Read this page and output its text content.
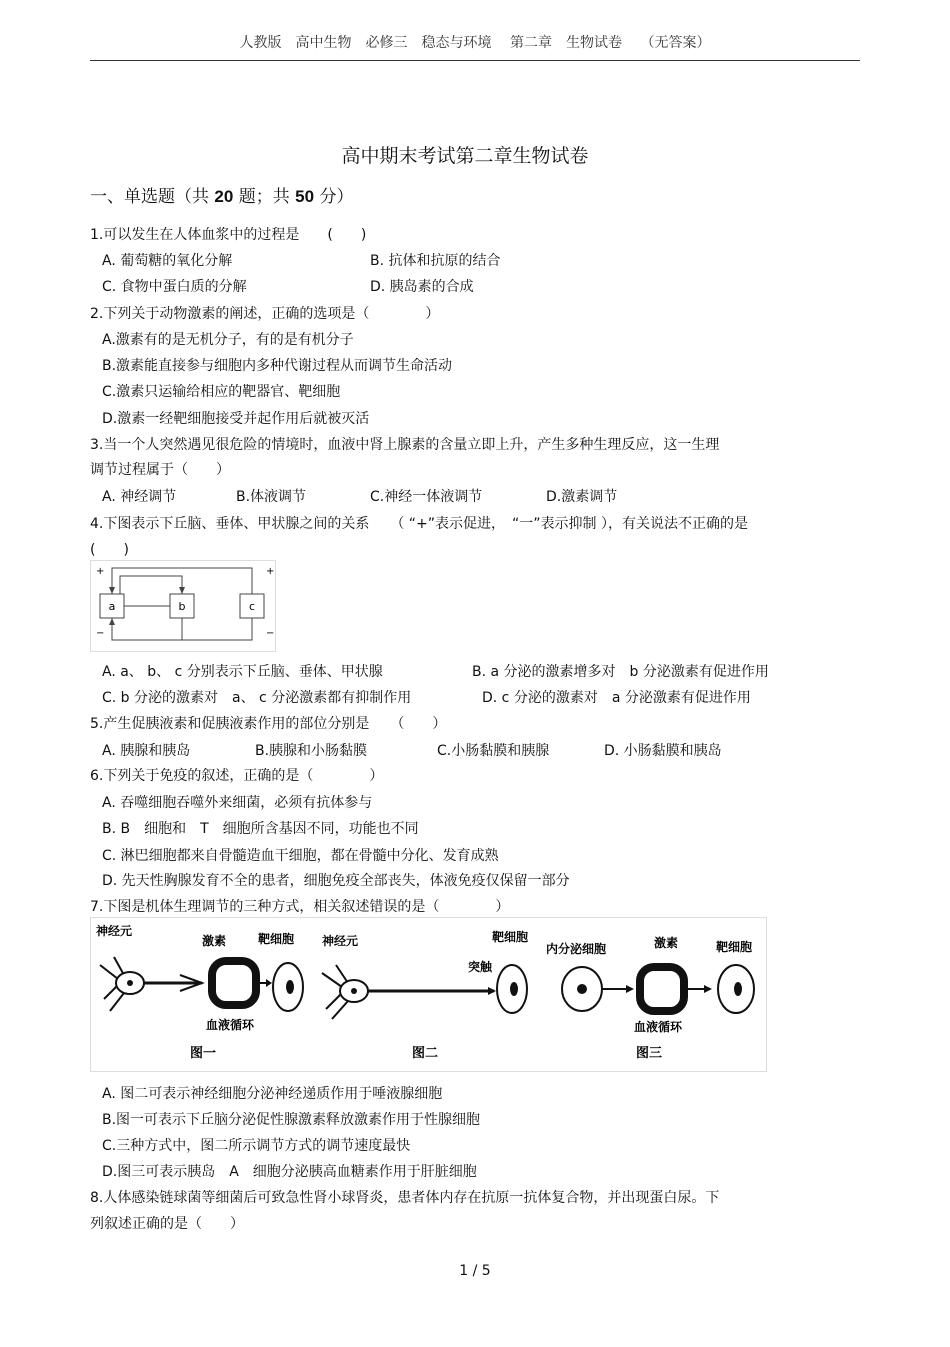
人教版　高中生物　必修三　稳态与环境　 第二章　生物试卷　 （无答案）
高中期末考试第二章生物试卷
一、单选题（共 20 题；共 50 分）
1.可以发生在人体血浆中的过程是　　(　　)
A. 葡萄糖的氧化分解	B. 抗体和抗原的结合
C. 食物中蛋白质的分解	D. 胰岛素的合成
2.下列关于动物激素的阐述，正确的选项是（　　　　）
A.激素有的是无机分子，有的是有机分子
B.激素能直接参与细胞内多种代谢过程从而调节生命活动
C.激素只运输给相应的靶器官、靶细胞
D.激素一经靶细胞接受并起作用后就被灭活
3.当一个人突然遇见很危险的情境时，血液中肾上腺素的含量立即上升，产生多种生理反应，这一生理
调节过程属于（　　）
A. 神经调节	B.体液调节	C.神经一体液调节	D.激素调节
4.下图表示下丘脑、垂体、甲状腺之间的关系　　（ “+”表示促进，　“一”表示抑制 ），有关说法不正确的是
(　　)
a	b	c
+	+
−	−
A. a、 b、 c 分别表示下丘脑、垂体、甲状腺	B. a 分泌的激素增多对　b 分泌激素有促进作用
C. b 分泌的激素对　a、 c 分泌激素都有抑制作用	D. c 分泌的激素对　a 分泌激素有促进作用
5.产生促胰液素和促胰液素作用的部位分别是　　（　　）
A. 胰腺和胰岛	B.胰腺和小肠黏膜	C.小肠黏膜和胰腺	D. 小肠黏膜和胰岛
6.下列关于免疫的叙述，正确的是（　　　　）
A. 吞噬细胞吞噬外来细菌，必须有抗体参与
B. B　细胞和　T　细胞所含基因不同，功能也不同
C. 淋巴细胞都来自骨髓造血干细胞，都在骨髓中分化、发育成熟
D. 先天性胸腺发育不全的患者，细胞免疫全部丧失，体液免疫仅保留一部分
7.下图是机体生理调节的三种方式，相关叙述错误的是（　　　　）
神经元
激素	靶细胞
血液循环
图一
神经元
突触
靶细胞
图二
内分泌细胞	激素	靶细胞
血液循环
图三
A. 图二可表示神经细胞分泌神经递质作用于唾液腺细胞
B.图一可表示下丘脑分泌促性腺激素释放激素作用于性腺细胞
C.三种方式中，图二所示调节方式的调节速度最快
D.图三可表示胰岛　A　细胞分泌胰高血糖素作用于肝脏细胞
8.人体感染链球菌等细菌后可致急性肾小球肾炎，患者体内存在抗原一抗体复合物，并出现蛋白尿。下
列叙述正确的是（　　）
1 / 5
